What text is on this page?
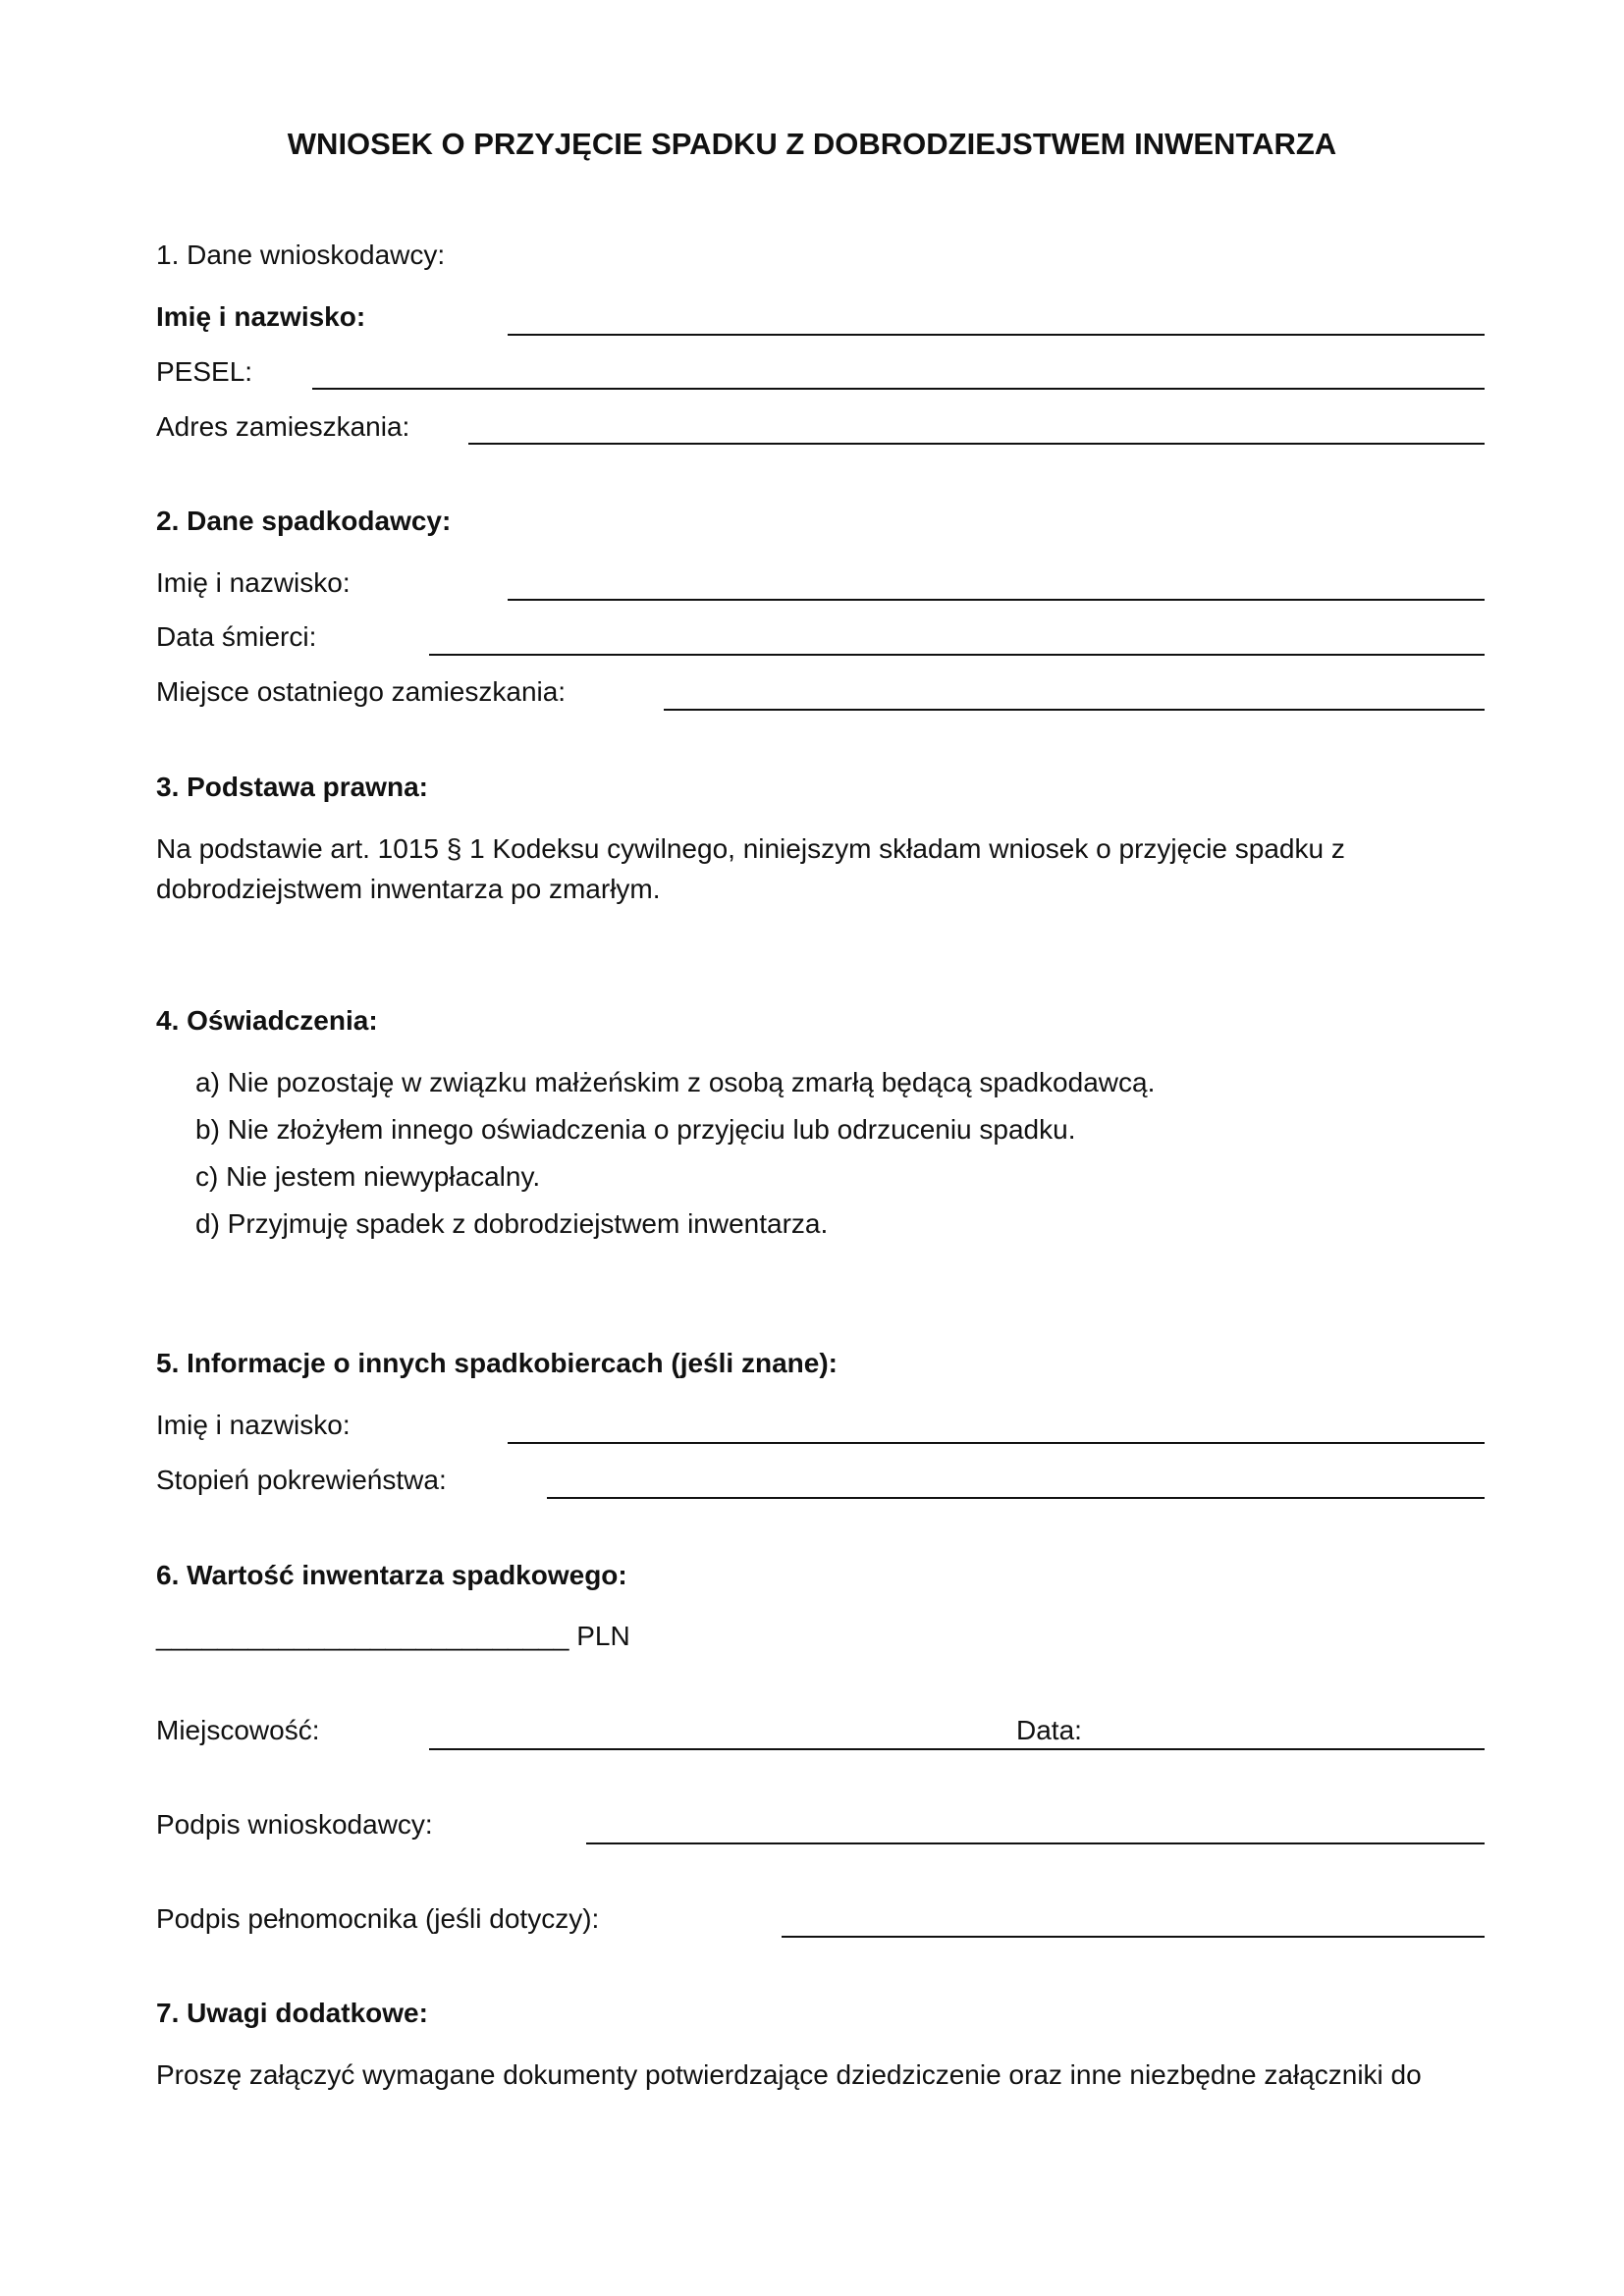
WNIOSEK O PRZYJĘCIE SPADKU Z DOBRODZIEJSTWEM INWENTARZA
1. Dane wnioskodawcy:
Imię i nazwisko:
PESEL:
Adres zamieszkania:
2. Dane spadkodawcy:
Imię i nazwisko:
Data śmierci:
Miejsce ostatniego zamieszkania:
3. Podstawa prawna:
Na podstawie art. 1015 § 1 Kodeksu cywilnego, niniejszym składam wniosek o przyjęcie spadku z
dobrodziejstwem inwentarza po zmarłym.
4. Oświadczenia:
a) Nie pozostaję w związku małżeńskim z osobą zmarłą będącą spadkodawcą.
b) Nie złożyłem innego oświadczenia o przyjęciu lub odrzuceniu spadku.
c) Nie jestem niewypłacalny.
d) Przyjmuję spadek z dobrodziejstwem inwentarza.
5. Informacje o innych spadkobiercach (jeśli znane):
Imię i nazwisko:
Stopień pokrewieństwa:
6. Wartość inwentarza spadkowego:
___________________________ PLN
Miejscowość:	Data:
Podpis wnioskodawcy:
Podpis pełnomocnika (jeśli dotyczy):
7. Uwagi dodatkowe:
Proszę załączyć wymagane dokumenty potwierdzające dziedziczenie oraz inne niezbędne załączniki do
